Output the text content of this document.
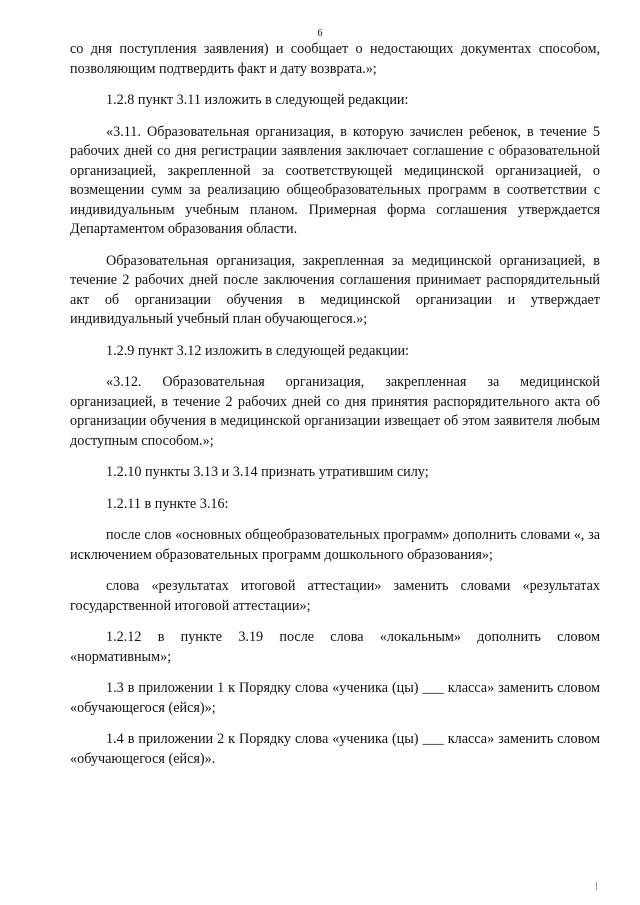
6

со дня поступления заявления) и сообщает о недостающих документах способом, позволяющим подтвердить факт и дату возврата.»;

1.2.8 пункт 3.11 изложить в следующей редакции:

«3.11. Образовательная организация, в которую зачислен ребенок, в течение 5 рабочих дней со дня регистрации заявления заключает соглашение с образовательной организацией, закрепленной за соответствующей медицинской организацией, о возмещении сумм за реализацию общеобразовательных программ в соответствии с индивидуальным учебным планом. Примерная форма соглашения утверждается Департаментом образования области.

Образовательная организация, закрепленная за медицинской организацией, в течение 2 рабочих дней после заключения соглашения принимает распорядительный акт об организации обучения в медицинской организации и утверждает индивидуальный учебный план обучающегося.»;

1.2.9 пункт 3.12 изложить в следующей редакции:

«3.12. Образовательная организация, закрепленная за медицинской организацией, в течение 2 рабочих дней со дня принятия распорядительного акта об организации обучения в медицинской организации извещает об этом заявителя любым доступным способом.»;

1.2.10 пункты 3.13 и 3.14 признать утратившим силу;

1.2.11 в пункте 3.16:

после слов «основных общеобразовательных программ» дополнить словами «, за исключением образовательных программ дошкольного образования»;

слова «результатах итоговой аттестации» заменить словами «результатах государственной итоговой аттестации»;

1.2.12 в пункте 3.19 после слова «локальным» дополнить словом «нормативным»;

1.3 в приложении 1 к Порядку слова «ученика (цы) ___ класса» заменить словом «обучающегося (ейся)»;

1.4 в приложении 2 к Порядку слова «ученика (цы) ___ класса» заменить словом «обучающегося (ейся)».
